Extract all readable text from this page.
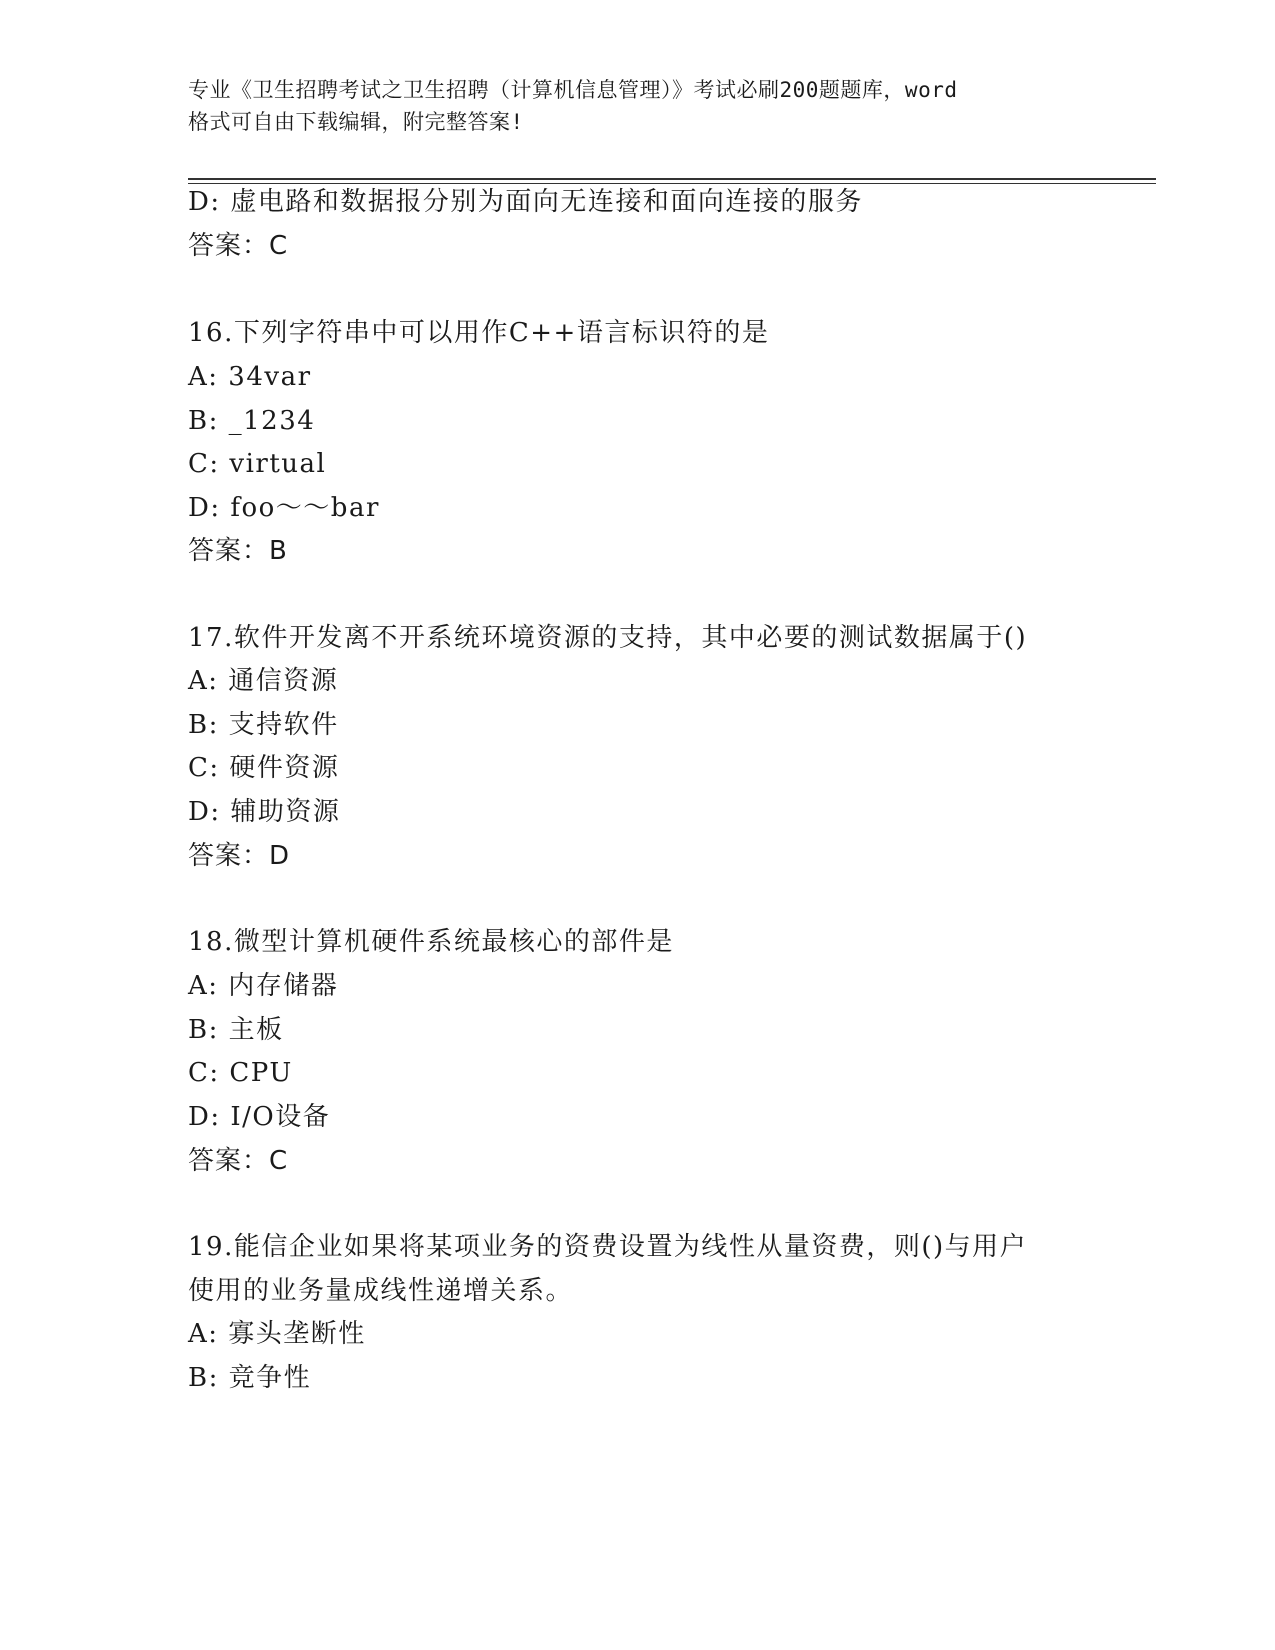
专业《卫生招聘考试之卫生招聘（计算机信息管理）》考试必刷200题题库，word
格式可自由下载编辑，附完整答案!
D: 虚电路和数据报分别为面向无连接和面向连接的服务
答案：C
16.下列字符串中可以用作C++语言标识符的是
A: 34var
B: _1234
C: virtual
D: foo～～bar
答案：B
17.软件开发离不开系统环境资源的支持，其中必要的测试数据属于()
A: 通信资源
B: 支持软件
C: 硬件资源
D: 辅助资源
答案：D
18.微型计算机硬件系统最核心的部件是
A: 内存储器
B: 主板
C: CPU
D: I/O设备
答案：C
19.能信企业如果将某项业务的资费设置为线性从量资费，则()与用户
使用的业务量成线性递增关系。
A: 寡头垄断性
B: 竞争性
